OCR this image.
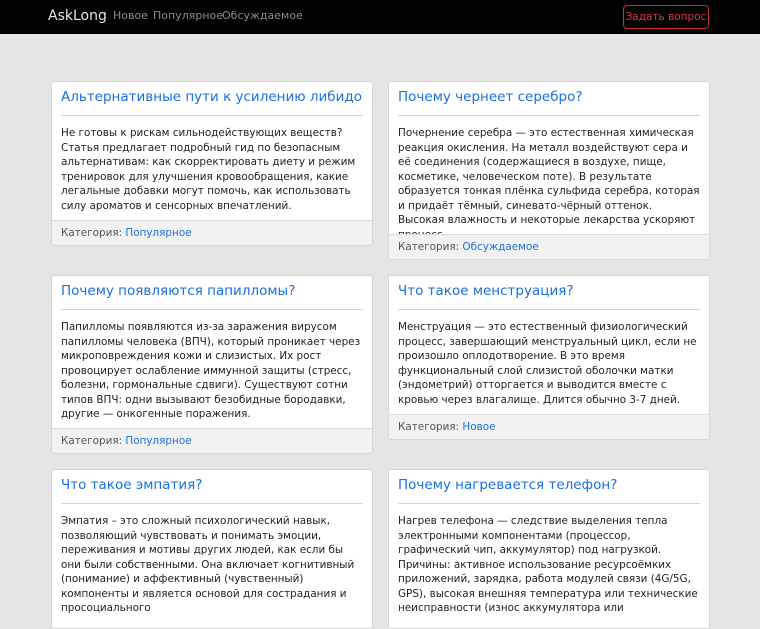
AskLong Новое Популярное
Обсуждаемое	Задать вопрос
Альтернативные пути к усилению либидо
Не готовы к рискам сильнодействующих веществ? Статья предлагает подробный гид по безопасным альтернативам: как скорректировать диету и режим тренировок для улучшения кровообращения, какие легальные добавки могут помочь, как использовать силу ароматов и сенсорных впечатлений.
Категория: Популярное
Почему чернеет серебро?
Почернение серебра — это естественная химическая реакция окисления. На металл воздействуют сера и её соединения (содержащиеся в воздухе, пище, косметике, человеческом поте). В результате образуется тонкая плёнка сульфида серебра, которая и придаёт тёмный, синевато-чёрный оттенок. Высокая влажность и некоторые лекарства ускоряют
Категория: Обсуждаемое
Почему появляются папилломы?
Папилломы появляются из-за заражения вирусом папилломы человека (ВПЧ), который проникает через микроповреждения кожи и слизистых. Их рост провоцирует ослабление иммунной защиты (стресс, болезни, гормональные сдвиги). Существуют сотни типов ВПЧ: одни вызывают безобидные бородавки, другие — онкогенные поражения.
Категория: Популярное
Что такое менструация?
Менструация — это естественный физиологический процесс, завершающий менструальный цикл, если не произошло оплодотворение. В это время функциональный слой слизистой оболочки матки (эндометрий) отторгается и выводится вместе с кровью через влагалище. Длится обычно 3-7 дней.
Категория: Новое
Что такое эмпатия?
Эмпатия – это сложный психологический навык, позволяющий чувствовать и понимать эмоции, переживания и мотивы других людей, как если бы они были собственными. Она включает когнитивный (понимание) и аффективный (чувственный) компоненты и является основой для сострадания и просоциального
Почему нагревается телефон?
Нагрев телефона — следствие выделения тепла электронными компонентами (процессор, графический чип, аккумулятор) под нагрузкой. Причины: активное использование ресурсоёмких приложений, зарядка, работа модулей связи (4G/5G, GPS), высокая внешняя температура или технические неисправности (износ аккумулятора или
